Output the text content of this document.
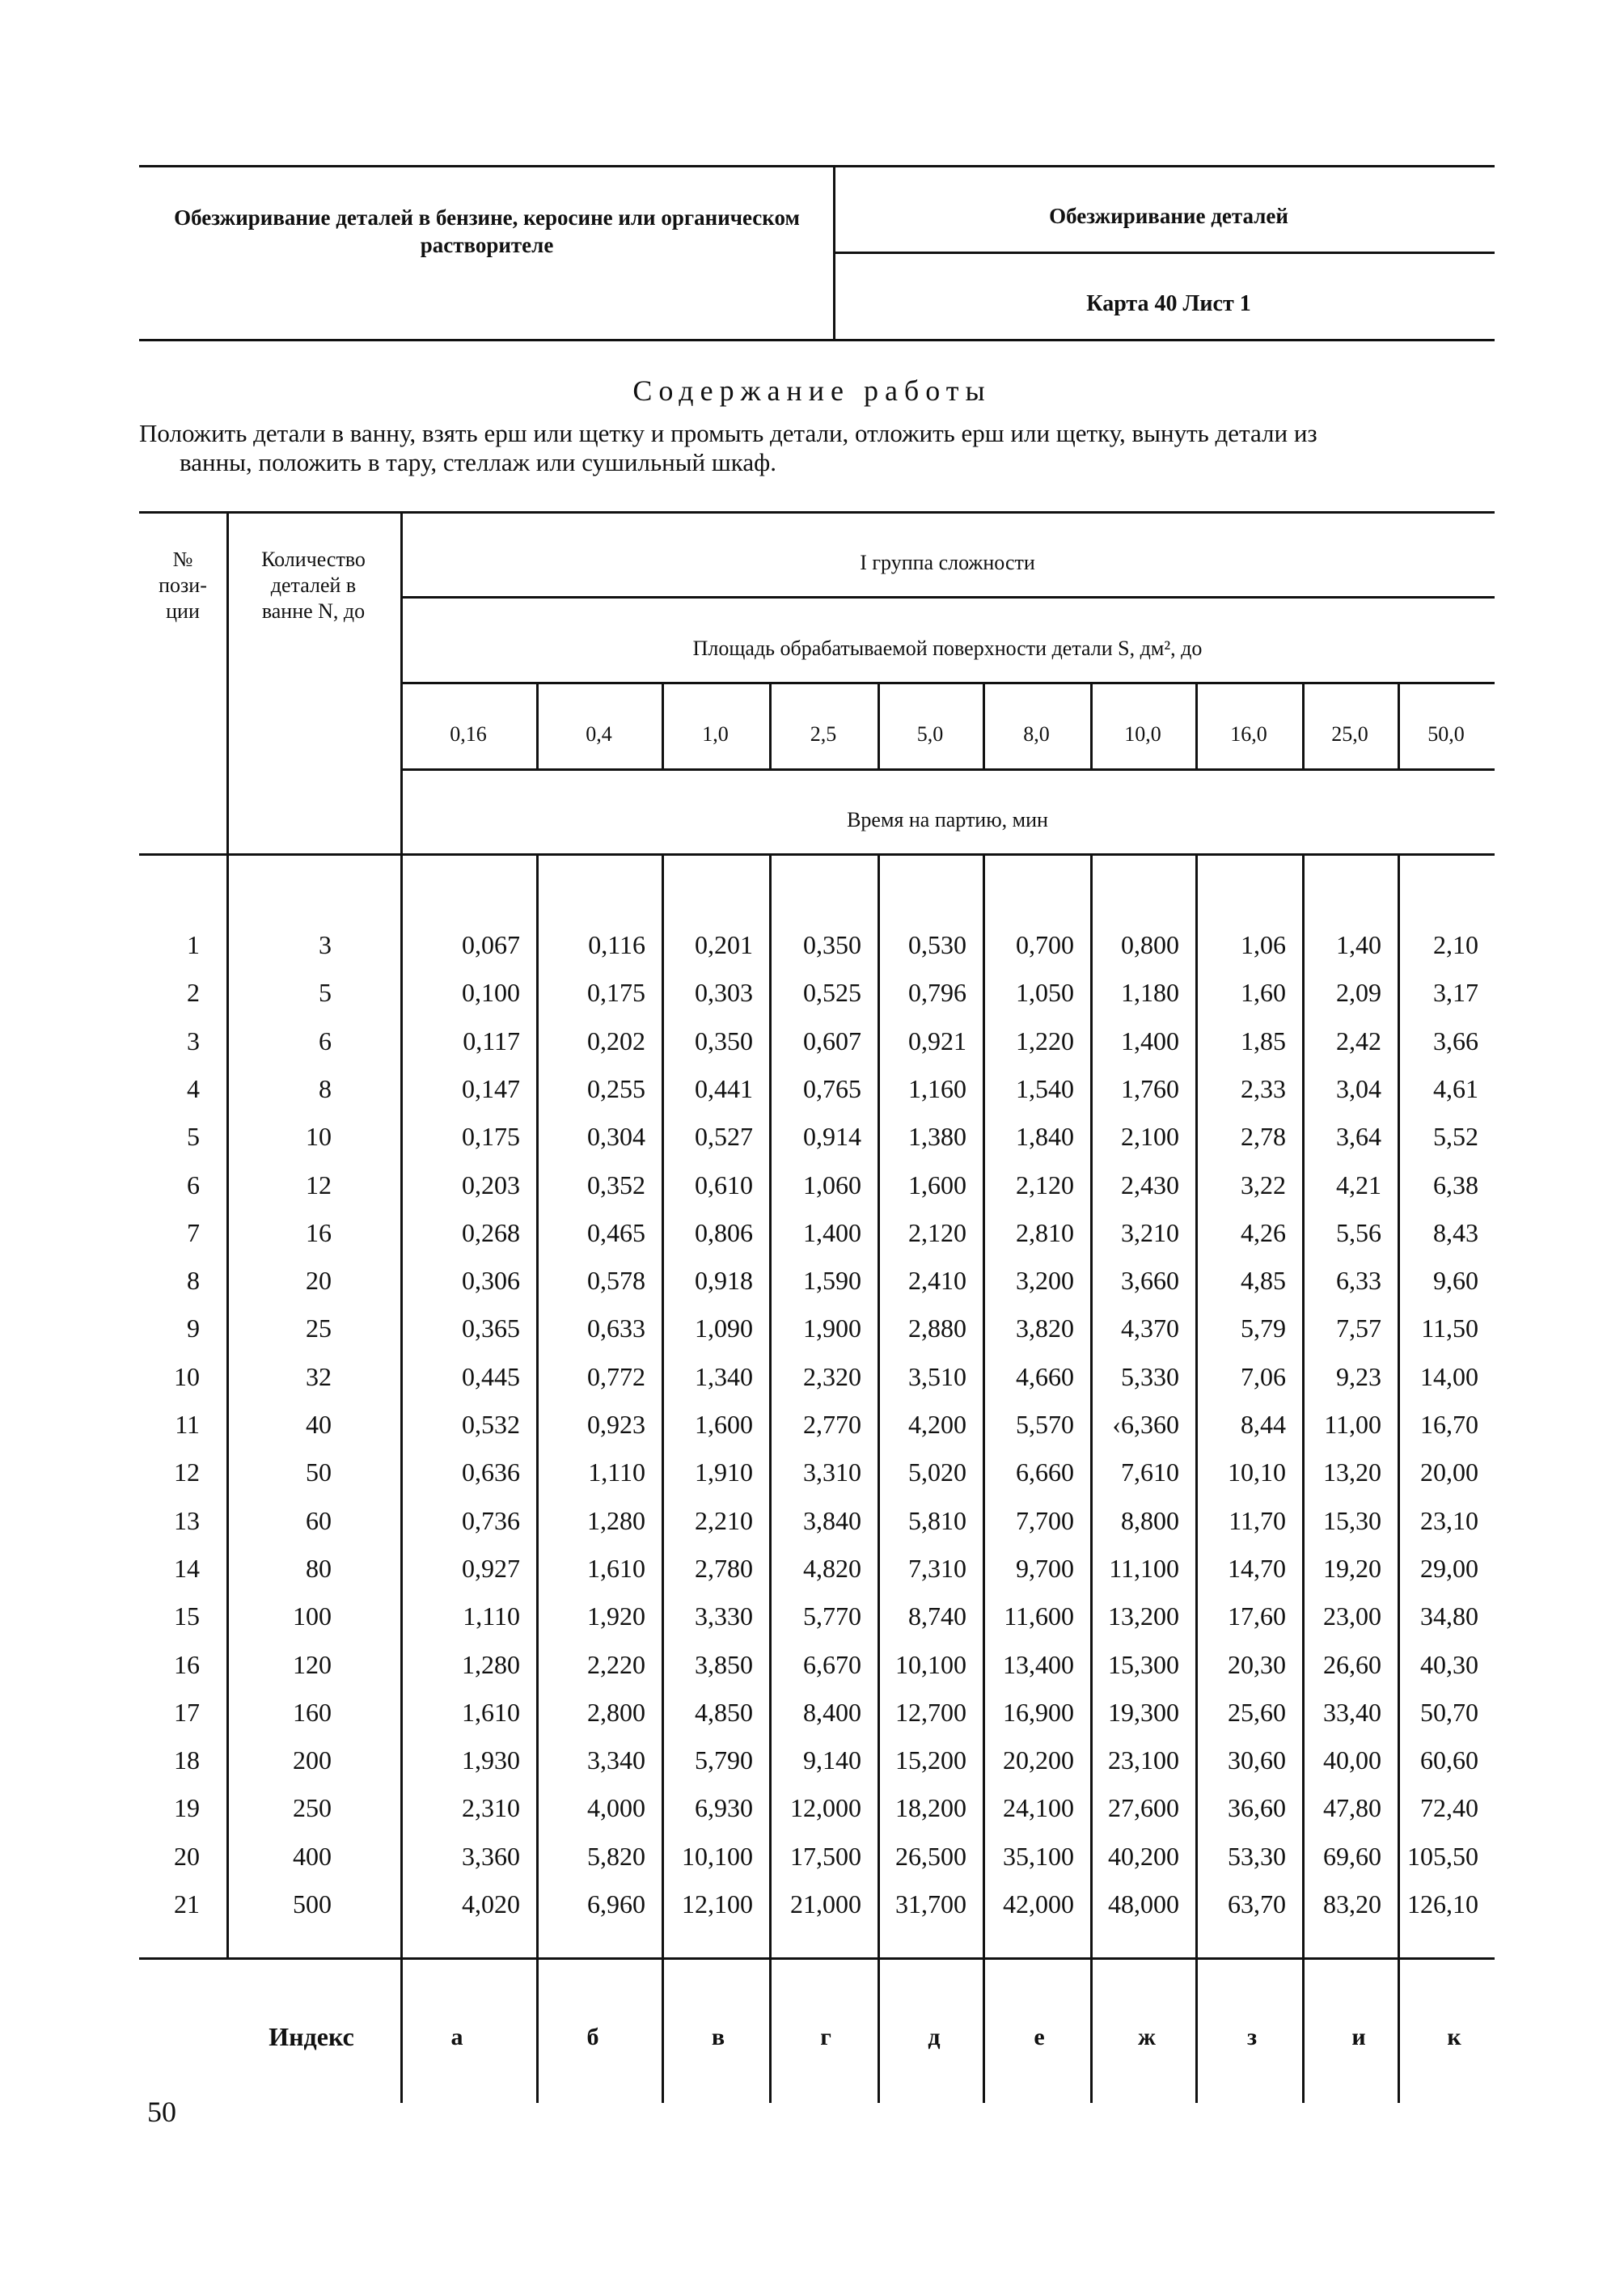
Обезжиривание деталей в бензине, керосине или органическом растворителе
Обезжиривание деталей
Карта 40 Лист 1
Содержание работы
Положить детали в ванну, взять ерш или щетку и промыть детали, отложить ерш или щетку, вынуть детали из
ванны, положить в тару, стеллаж или сушильный шкаф.
№
пози-
ции
Количество
деталей в
ванне N, до
I группа сложности
Площадь обрабатываемой поверхности детали S, дм², до
0,16	0,4	1,0	2,5	5,0	8,0	10,0	16,0	25,0	50,0
Время на партию, мин
1	3	0,067	0,116	0,201	0,350	0,530	0,700	0,800	1,06	1,40	2,10
2	5	0,100	0,175	0,303	0,525	0,796	1,050	1,180	1,60	2,09	3,17
3	6	0,117	0,202	0,350	0,607	0,921	1,220	1,400	1,85	2,42	3,66
4	8	0,147	0,255	0,441	0,765	1,160	1,540	1,760	2,33	3,04	4,61
5	10	0,175	0,304	0,527	0,914	1,380	1,840	2,100	2,78	3,64	5,52
6	12	0,203	0,352	0,610	1,060	1,600	2,120	2,430	3,22	4,21	6,38
7	16	0,268	0,465	0,806	1,400	2,120	2,810	3,210	4,26	5,56	8,43
8	20	0,306	0,578	0,918	1,590	2,410	3,200	3,660	4,85	6,33	9,60
9	25	0,365	0,633	1,090	1,900	2,880	3,820	4,370	5,79	7,57	11,50
10	32	0,445	0,772	1,340	2,320	3,510	4,660	5,330	7,06	9,23	14,00
11	40	0,532	0,923	1,600	2,770	4,200	5,570	‹6,360	8,44	11,00	16,70
12	50	0,636	1,110	1,910	3,310	5,020	6,660	7,610	10,10	13,20	20,00
13	60	0,736	1,280	2,210	3,840	5,810	7,700	8,800	11,70	15,30	23,10
14	80	0,927	1,610	2,780	4,820	7,310	9,700	11,100	14,70	19,20	29,00
15	100	1,110	1,920	3,330	5,770	8,740	11,600	13,200	17,60	23,00	34,80
16	120	1,280	2,220	3,850	6,670	10,100	13,400	15,300	20,30	26,60	40,30
17	160	1,610	2,800	4,850	8,400	12,700	16,900	19,300	25,60	33,40	50,70
18	200	1,930	3,340	5,790	9,140	15,200	20,200	23,100	30,60	40,00	60,60
19	250	2,310	4,000	6,930	12,000	18,200	24,100	27,600	36,60	47,80	72,40
20	400	3,360	5,820	10,100	17,500	26,500	35,100	40,200	53,30	69,60	105,50
21	500	4,020	6,960	12,100	21,000	31,700	42,000	48,000	63,70	83,20	126,10
Индекс	а	б	в	г	д	е	ж	з	и	к
50
